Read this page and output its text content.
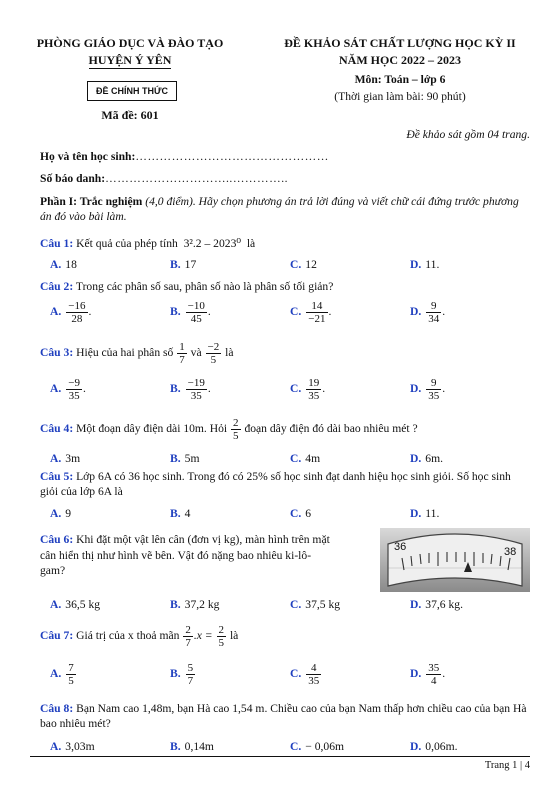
PHÒNG GIÁO DỤC VÀ ĐÀO TẠO
HUYỆN Ý YÊN
ĐỀ CHÍNH THỨC
Mã đề: 601
ĐỀ KHẢO SÁT CHẤT LƯỢNG HỌC KỲ II
NĂM HỌC 2022 – 2023
Môn: Toán – lớp 6
(Thời gian làm bài: 90 phút)
Đề khảo sát gồm 04 trang.
Họ và tên học sinh:…………………………………………
Số báo danh:…………………………..…………..
Phần I: Trắc nghiệm (4,0 điểm). Hãy chọn phương án trả lời đúng và viết chữ cái đứng trước phương án đó vào bài làm.
Câu 1: Kết quả của phép tính 3².2 – 2023⁰ là
A. 18	B. 17	C. 12	D. 11.
Câu 2: Trong các phân số sau, phân số nào là phân số tối giản?
A. $\frac{-16}{28}$ .	B. $\frac{-10}{45}$ .	C. $\frac{14}{-21}$ .	D. $\frac{9}{34}$ .
Câu 3: Hiệu của hai phân số $\frac{1}{7}$ và $\frac{-2}{5}$ là
A. $\frac{-9}{35}$ .	B. $\frac{-19}{35}$ .	C. $\frac{19}{35}$ .	D. $\frac{9}{35}$ .
Câu 4: Một đoạn dây điện dài 10m. Hỏi $\frac{2}{5}$ đoạn dây điện đó dài bao nhiêu mét ?
A. 3m	B. 5m	C. 4m	D. 6m.
Câu 5: Lớp 6A có 36 học sinh. Trong đó có 25% số học sinh đạt danh hiệu học sinh giỏi. Số học sinh giỏi của lớp 6A là
A. 9	B. 4	C. 6	D. 11.
Câu 6: Khi đặt một vật lên cân (đơn vị kg), màn hình trên mặt cân hiển thị như hình vẽ bên. Vật đó nặng bao nhiêu ki-lô-gam?
36	38
A. 36,5 kg	B. 37,2 kg	C. 37,5 kg	D. 37,6 kg.
Câu 7: Giá trị của x thoả mãn $\frac{2}{7} .x = \frac{2}{5}$ là
A. $\frac{7}{5}$	B. $\frac{5}{7}$	C. $\frac{4}{35}$	D. $\frac{35}{4}$ .
Câu 8: Bạn Nam cao 1,48m, bạn Hà cao 1,54 m. Chiều cao của bạn Nam thấp hơn chiều cao của bạn Hà bao nhiêu mét?
A. 3,03m	B. 0,14m	C. − 0,06m	D. 0,06m.
Trang 1 | 4
